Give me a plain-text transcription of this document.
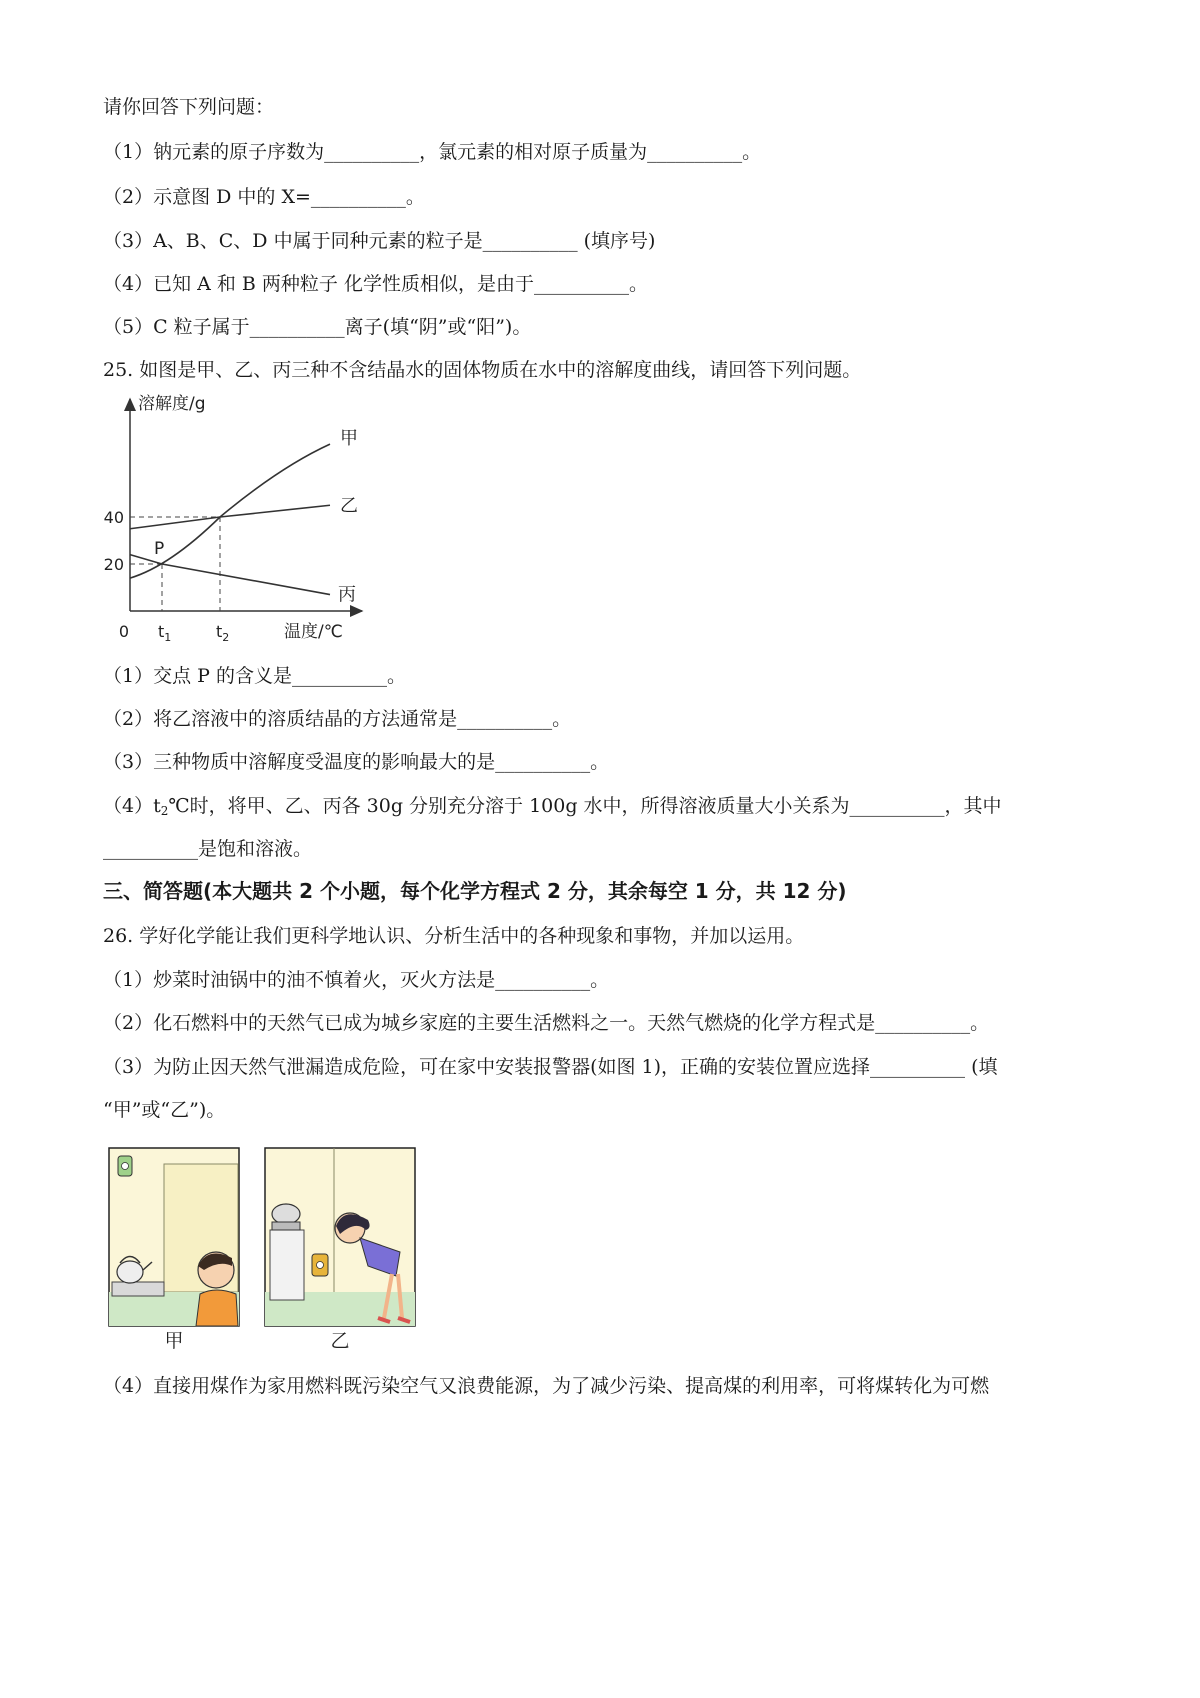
请你回答下列问题：
（1）钠元素的原子序数为__________，氯元素的相对原子质量为__________。
（2）示意图 D 中的 X=__________。
（3）A、B、C、D 中属于同种元素的粒子是__________ (填序号)
（4）已知 A 和 B 两种粒子 化学性质相似，是由于__________。
（5）C 粒子属于__________离子(填“阴”或“阳”)。
25. 如图是甲、乙、丙三种不含结晶水的固体物质在水中的溶解度曲线，请回答下列问题。
甲
乙
丙
溶解度/g
温度/℃
0
20
40
$t_1$	$t_2$
P
（1）交点 P 的含义是__________。
（2）将乙溶液中的溶质结晶的方法通常是__________。
（3）三种物质中溶解度受温度的影响最大的是__________。
$(4)t_2℃$时，将甲、乙、丙各 30g 分别充分溶于 100g 水中，所得溶液质量大小关系为__________，其中
__________是饱和溶液。
三、简答题(本大题共 2 个小题，每个化学方程式 2 分，其余每空 1 分，共 12 分)
26. 学好化学能让我们更科学地认识、分析生活中的各种现象和事物，并加以运用。
（1）炒菜时油锅中的油不慎着火，灭火方法是__________。
（2）化石燃料中的天然气已成为城乡家庭的主要生活燃料之一。天然气燃烧的化学方程式是__________。
（3）为防止因天然气泄漏造成危险，可在家中安装报警器(如图 1)，正确的安装位置应选择__________ (填
“甲”或“乙”)。
甲	乙
（4）直接用煤作为家用燃料既污染空气又浪费能源，为了减少污染、提高煤的利用率，可将煤转化为可燃
